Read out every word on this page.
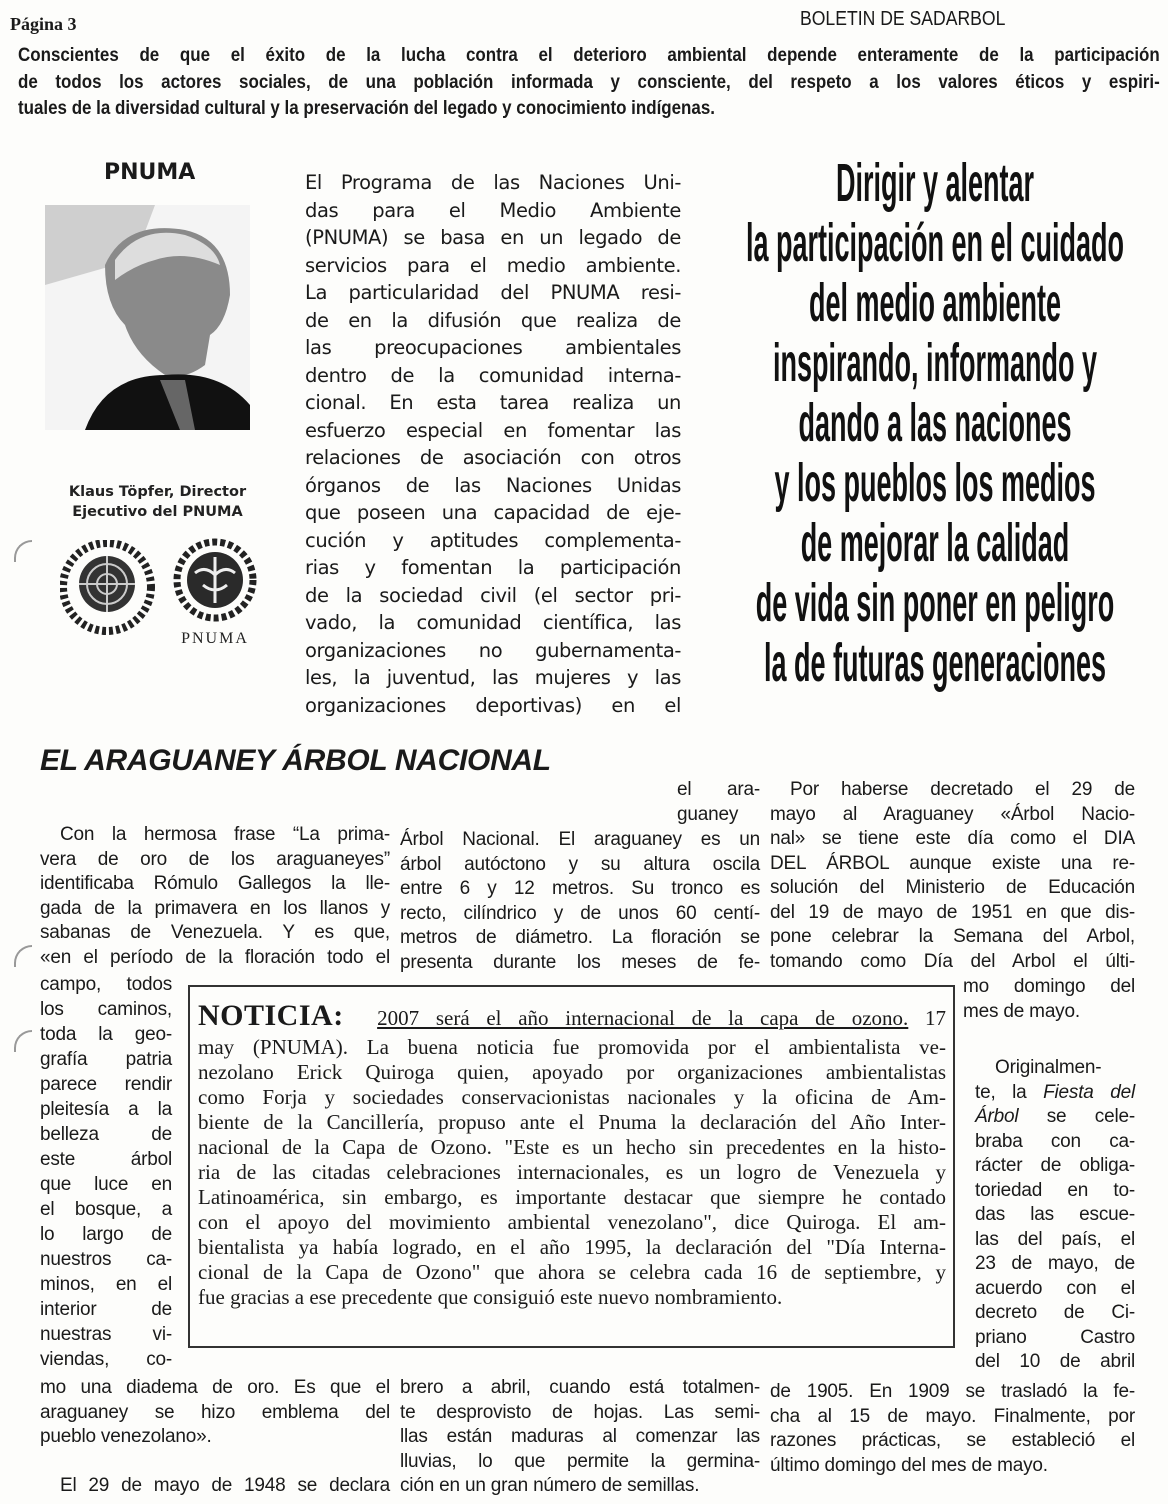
Página 3	BOLETIN DE SADARBOL
Conscientes de que el éxito de la lucha contra el deterioro ambiental depende enteramente de la participación
de todos los actores sociales, de una población informada y consciente, del respeto a los valores éticos y espiri-
tuales de la diversidad cultural y la preservación del legado y conocimiento indígenas.
PNUMA
Klaus Töpfer, Director
Ejecutivo del PNUMA
PNUMA
El Programa de las Naciones Uni-
das para el Medio Ambiente
(PNUMA) se basa en un legado de
servicios para el medio ambiente.
La particularidad del PNUMA resi-
de en la difusión que realiza de
las preocupaciones ambientales
dentro de la comunidad interna-
cional. En esta tarea realiza un
esfuerzo especial en fomentar las
relaciones de asociación con otros
órganos de las Naciones Unidas
que poseen una capacidad de eje-
cución y aptitudes complementa-
rias y fomentan la participación
de la sociedad civil (el sector pri-
vado, la comunidad científica, las
organizaciones no gubernamenta-
les, la juventud, las mujeres y las
organizaciones deportivas) en el
Dirigir y alentar
la participación en el cuidado
del medio ambiente
inspirando, informando y
dando a las naciones
y los pueblos los medios
de mejorar la calidad
de vida sin poner en peligro
la de futuras generaciones
EL ARAGUANEY ÁRBOL NACIONAL
Con la hermosa frase “La prima-
vera de oro de los araguaneyes”
identificaba Rómulo Gallegos la lle-
gada de la primavera en los llanos y
sabanas de Venezuela. Y es que,
«en el período de la floración todo el
campo, todos
los caminos,
toda la geo-
grafía patria
parece rendir
pleitesía a la
belleza de
este árbol
que luce en
el bosque, a
lo largo de
nuestros ca-
minos, en el
interior de
nuestras vi-
viendas, co-
mo una diadema de oro. Es que el
araguaney se hizo emblema del
pueblo venezolano».
El 29 de mayo de 1948 se declara
el ara-
guaney
Árbol Nacional. El araguaney es un
árbol autóctono y su altura oscila
entre 6 y 12 metros. Su tronco es
recto, cilíndrico y de unos 60 centí-
metros de diámetro. La floración se
presenta durante los meses de fe-
brero a abril, cuando está totalmen-
te desprovisto de hojas. Las semi-
llas están maduras al comenzar las
lluvias, lo que permite la germina-
ción en un gran número de semillas.
Por haberse decretado el 29 de
mayo al Araguaney «Árbol Nacio-
nal» se tiene este día como el DIA
DEL ÁRBOL aunque existe una re-
solución del Ministerio de Educación
del 19 de mayo de 1951 en que dis-
pone celebrar la Semana del Arbol,
tomando como Día del Arbol el últi-
mo domingo del
mes de mayo.
Originalmen-
te, la Fiesta del
Árbol se cele-
braba con ca-
rácter de obliga-
toriedad en to-
das las escue-
las del país, el
23 de mayo, de
acuerdo con el
decreto de Ci-
priano Castro
del 10 de abril
de 1905. En 1909 se trasladó la fe-
cha al 15 de mayo. Finalmente, por
razones prácticas, se estableció el
último domingo del mes de mayo.
NOTICIA: 2007 será el año internacional de la capa de ozono. 17
may (PNUMA). La buena noticia fue promovida por el ambientalista ve-
nezolano Erick Quiroga quien, apoyado por organizaciones ambientalistas
como Forja y sociedades conservacionistas nacionales y la oficina de Am-
biente de la Cancillería, propuso ante el Pnuma la declaración del Año Inter-
nacional de la Capa de Ozono. "Este es un hecho sin precedentes en la histo-
ria de las citadas celebraciones internacionales, es un logro de Venezuela y
Latinoamérica, sin embargo, es importante destacar que siempre he contado
con el apoyo del movimiento ambiental venezolano", dice Quiroga. El am-
bientalista ya había logrado, en el año 1995, la declaración del "Día Interna-
cional de la Capa de Ozono" que ahora se celebra cada 16 de septiembre, y
fue gracias a ese precedente que consiguió este nuevo nombramiento.
